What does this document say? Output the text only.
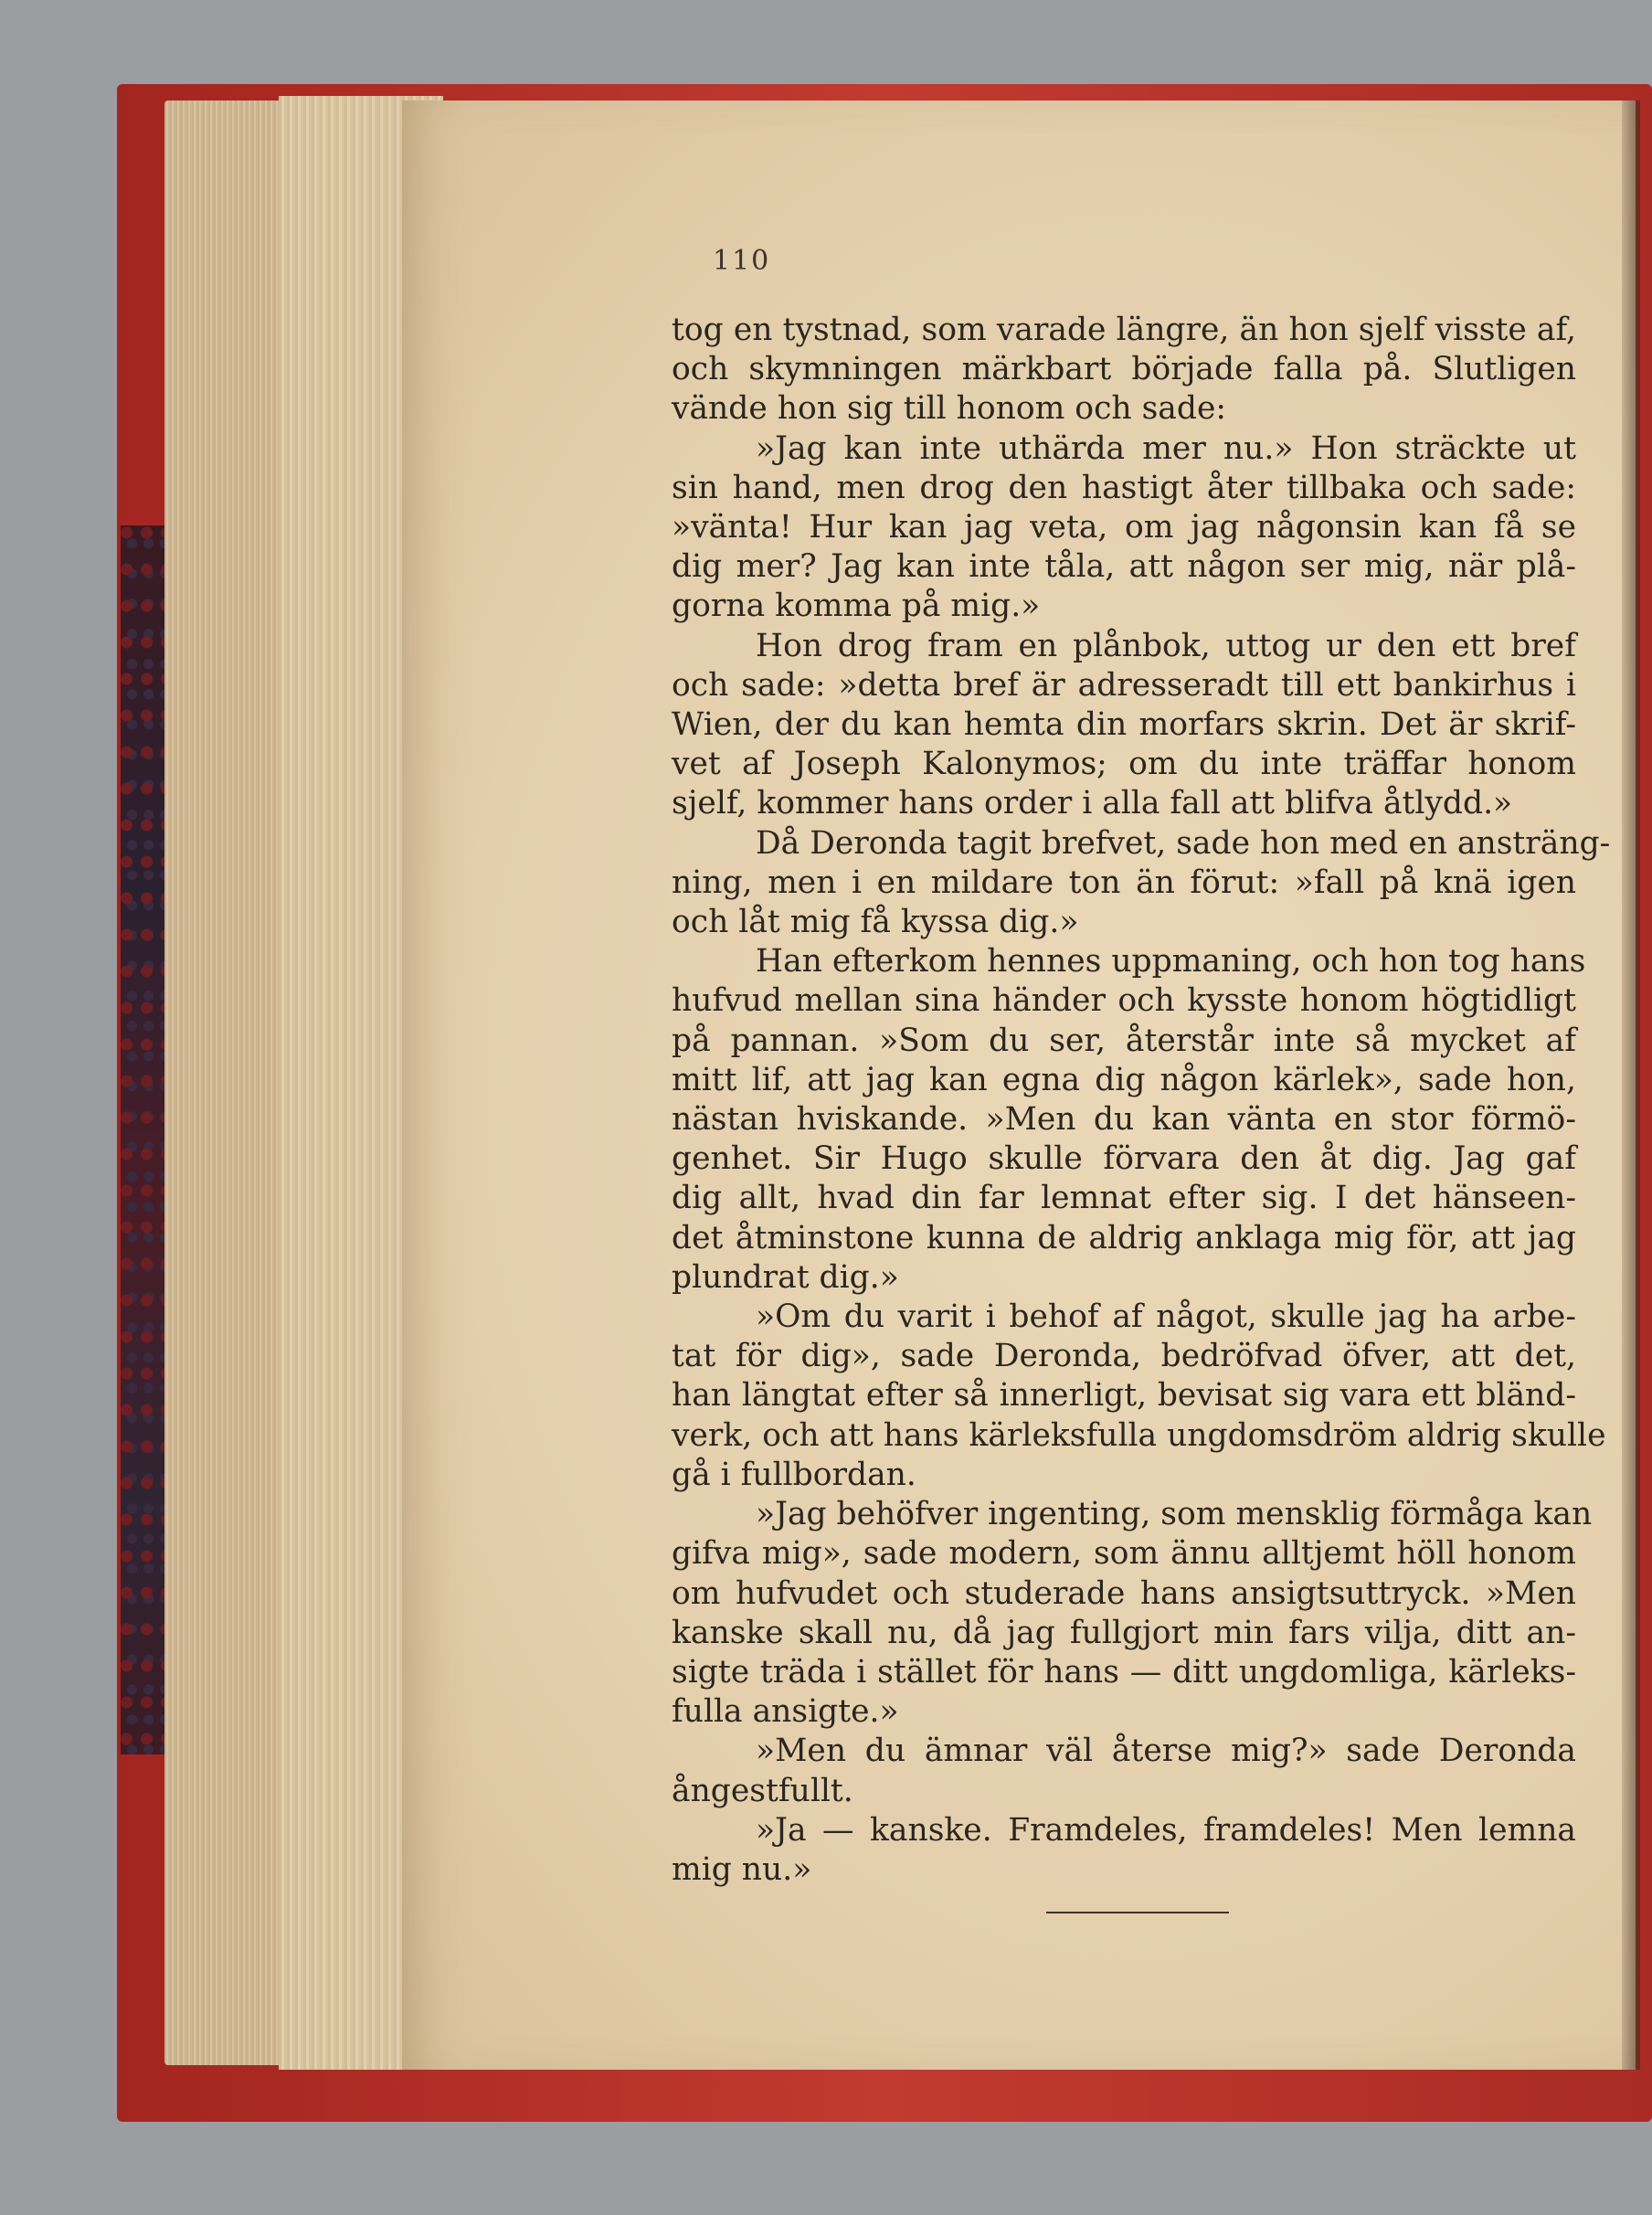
110
tog en tystnad, som varade längre, än hon sjelf visste af,
och skymningen märkbart började falla på. Slutligen
vände hon sig till honom och sade:
»Jag kan inte uthärda mer nu.» Hon sträckte ut
sin hand, men drog den hastigt åter tillbaka och sade:
»vänta! Hur kan jag veta, om jag någonsin kan få se
dig mer? Jag kan inte tåla, att någon ser mig, när plå-
gorna komma på mig.»
Hon drog fram en plånbok, uttog ur den ett bref
och sade: »detta bref är adresseradt till ett bankirhus i
Wien, der du kan hemta din morfars skrin. Det är skrif-
vet af Joseph Kalonymos; om du inte träffar honom
sjelf, kommer hans order i alla fall att blifva åtlydd.»
Då Deronda tagit brefvet, sade hon med en ansträng-
ning, men i en mildare ton än förut: »fall på knä igen
och låt mig få kyssa dig.»
Han efterkom hennes uppmaning, och hon tog hans
hufvud mellan sina händer och kysste honom högtidligt
på pannan. »Som du ser, återstår inte så mycket af
mitt lif, att jag kan egna dig någon kärlek», sade hon,
nästan hviskande. »Men du kan vänta en stor förmö-
genhet. Sir Hugo skulle förvara den åt dig. Jag gaf
dig allt, hvad din far lemnat efter sig. I det hänseen-
det åtminstone kunna de aldrig anklaga mig för, att jag
plundrat dig.»
»Om du varit i behof af något, skulle jag ha arbe-
tat för dig», sade Deronda, bedröfvad öfver, att det,
han längtat efter så innerligt, bevisat sig vara ett bländ-
verk, och att hans kärleksfulla ungdomsdröm aldrig skulle
gå i fullbordan.
»Jag behöfver ingenting, som mensklig förmåga kan
gifva mig», sade modern, som ännu alltjemt höll honom
om hufvudet och studerade hans ansigtsuttryck. »Men
kanske skall nu, då jag fullgjort min fars vilja, ditt an-
sigte träda i stället för hans — ditt ungdomliga, kärleks-
fulla ansigte.»
»Men du ämnar väl återse mig?» sade Deronda
ångestfullt.
»Ja — kanske. Framdeles, framdeles! Men lemna
mig nu.»
